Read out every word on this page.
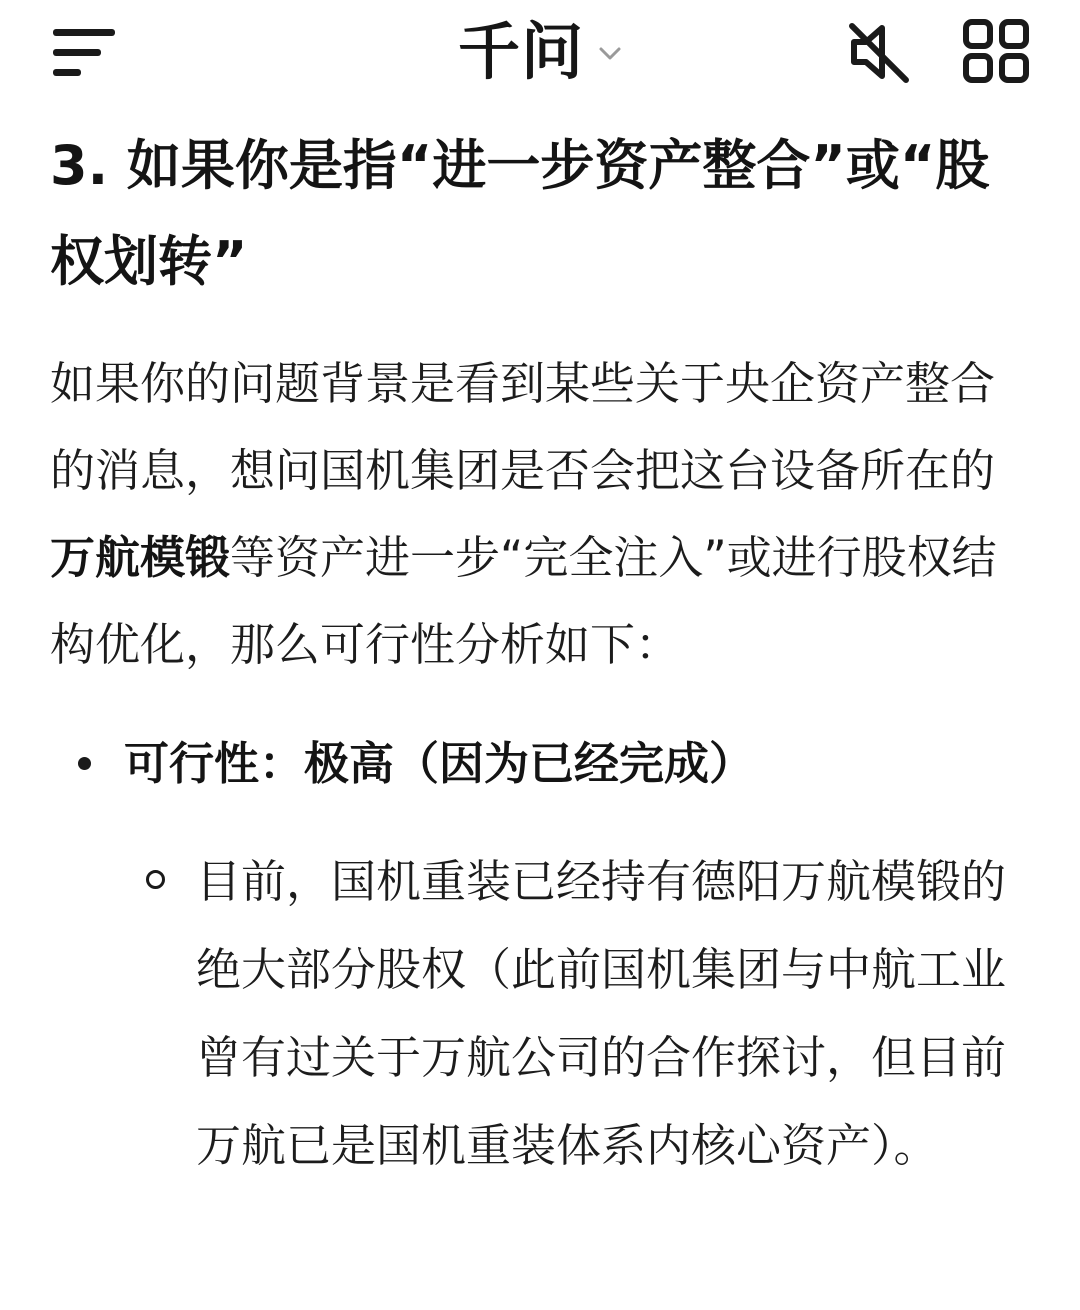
千问
3. 如果你是指“进一步资产整合”或“股权划转”

如果你的问题背景是看到某些关于央企资产整合的消息，想问国机集团是否会把这台设备所在的万航模锻等资产进一步“完全注入”或进行股权结构优化，那么可行性分析如下：

可行性：极高（因为已经完成）
目前，国机重装已经持有德阳万航模锻的绝大部分股权（此前国机集团与中航工业曾有过关于万航公司的合作探讨，但目前万航已是国机重装体系内核心资产）。
